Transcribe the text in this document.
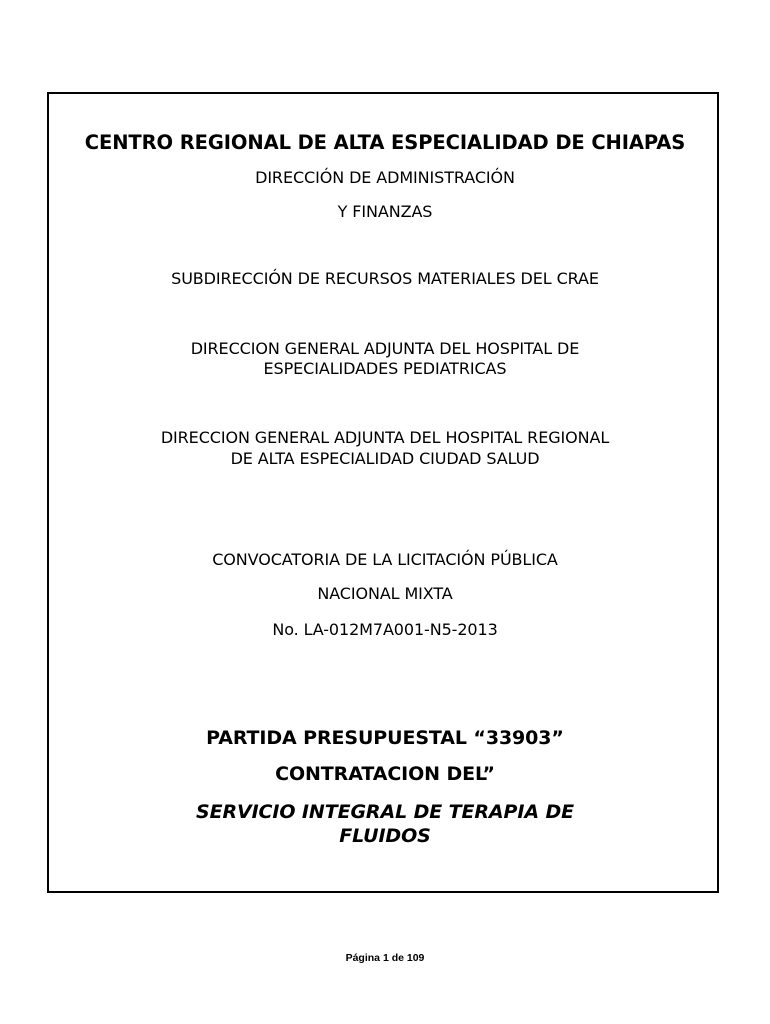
CENTRO REGIONAL DE ALTA ESPECIALIDAD DE CHIAPAS
DIRECCIÓN DE ADMINISTRACIÓN
Y FINANZAS
SUBDIRECCIÓN DE RECURSOS MATERIALES DEL CRAE
DIRECCION GENERAL ADJUNTA DEL HOSPITAL DE
ESPECIALIDADES PEDIATRICAS
DIRECCION GENERAL ADJUNTA DEL HOSPITAL REGIONAL
DE ALTA ESPECIALIDAD CIUDAD SALUD
CONVOCATORIA DE LA LICITACIÓN PÚBLICA
NACIONAL MIXTA
No. LA-012M7A001-N5-2013
PARTIDA PRESUPUESTAL “33903”
CONTRATACION DEL”
SERVICIO INTEGRAL DE TERAPIA DE
FLUIDOS
Página 1 de 109
